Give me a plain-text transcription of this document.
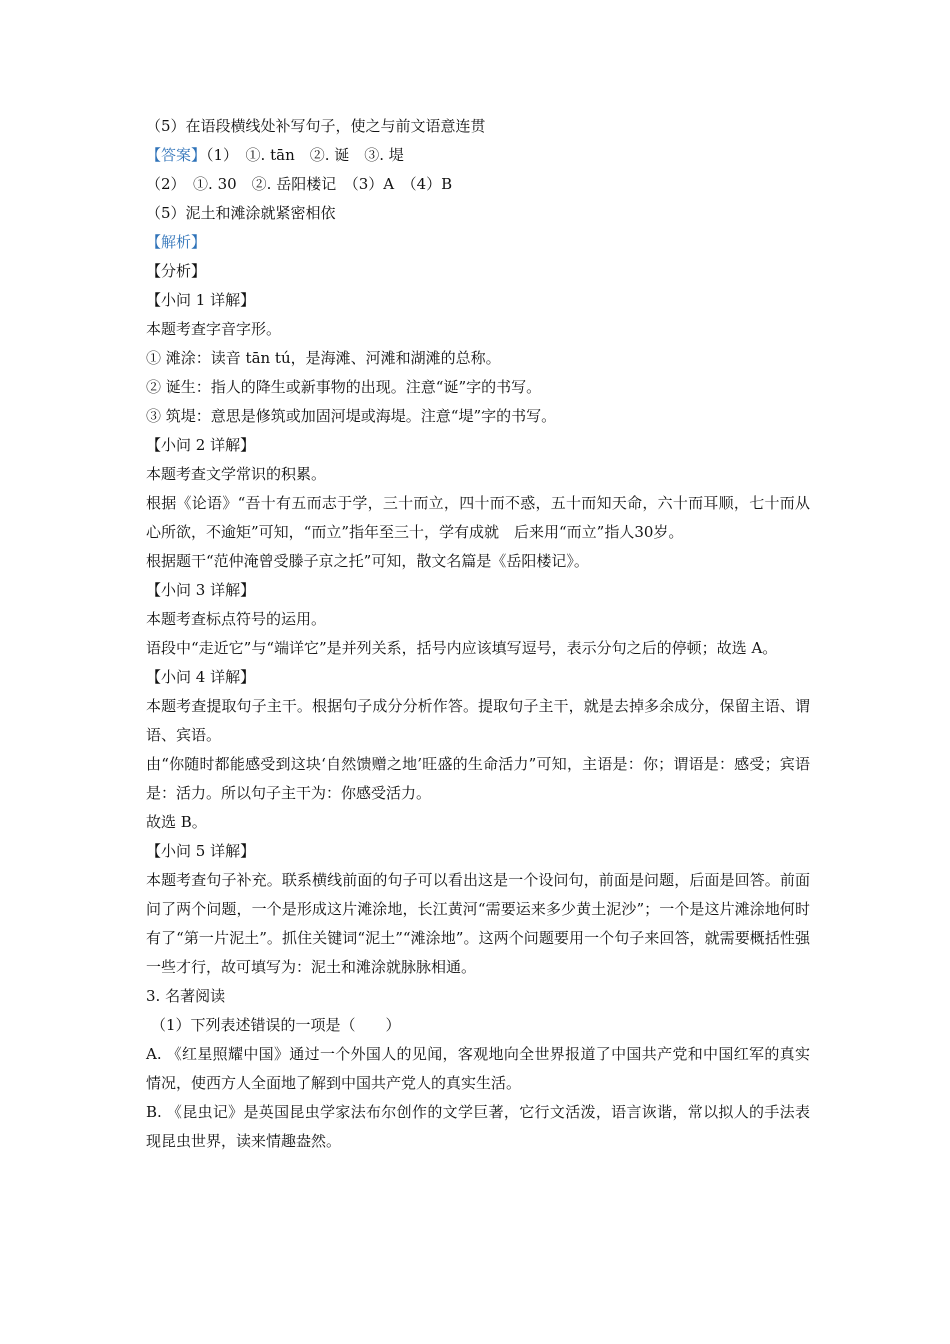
（5）在语段横线处补写句子，使之与前文语意连贯

【答案】（1）　①. tān　②. 诞　③. 堤

（2）　①. 30　②. 岳阳楼记　（3）A　（4）B

（5）泥土和滩涂就紧密相依

【解析】

【分析】

【小问 1 详解】

本题考查字音字形。

① 滩涂：读音 tān tú，是海滩、河滩和湖滩的总称。

② 诞生：指人的降生或新事物的出现。注意“诞”字的书写。

③ 筑堤：意思是修筑或加固河堤或海堤。注意“堤”字的书写。

【小问 2 详解】

本题考查文学常识的积累。

根据《论语》“吾十有五而志于学，三十而立，四十而不惑，五十而知天命，六十而耳顺，七十而从心所欲，不逾矩”可知，“而立”指年至三十，学有成就　后来用“而立”指人30岁。

根据题干“范仲淹曾受滕子京之托”可知，散文名篇是《岳阳楼记》。

【小问 3 详解】

本题考查标点符号的运用。

语段中“走近它”与“端详它”是并列关系，括号内应该填写逗号，表示分句之后的停顿；故选 A。

【小问 4 详解】

本题考查提取句子主干。根据句子成分分析作答。提取句子主干，就是去掉多余成分，保留主语、谓语、宾语。

由“你随时都能感受到这块‘自然馈赠之地’旺盛的生命活力”可知，主语是：你；谓语是：感受；宾语是：活力。所以句子主干为：你感受活力。

故选 B。

【小问 5 详解】

本题考查句子补充。联系横线前面的句子可以看出这是一个设问句，前面是问题，后面是回答。前面问了两个问题，一个是形成这片滩涂地，长江黄河“需要运来多少黄土泥沙”；一个是这片滩涂地何时有了“第一片泥土”。抓住关键词“泥土”“滩涂地”。这两个问题要用一个句子来回答，就需要概括性强一些才行，故可填写为：泥土和滩涂就脉脉相通。

3. 名著阅读

（1）下列表述错误的一项是（　　）

A. 《红星照耀中国》通过一个外国人的见闻，客观地向全世界报道了中国共产党和中国红军的真实情况，使西方人全面地了解到中国共产党人的真实生活。

B. 《昆虫记》是英国昆虫学家法布尔创作的文学巨著，它行文活泼，语言诙谐，常以拟人的手法表现昆虫世界，读来情趣盎然。
